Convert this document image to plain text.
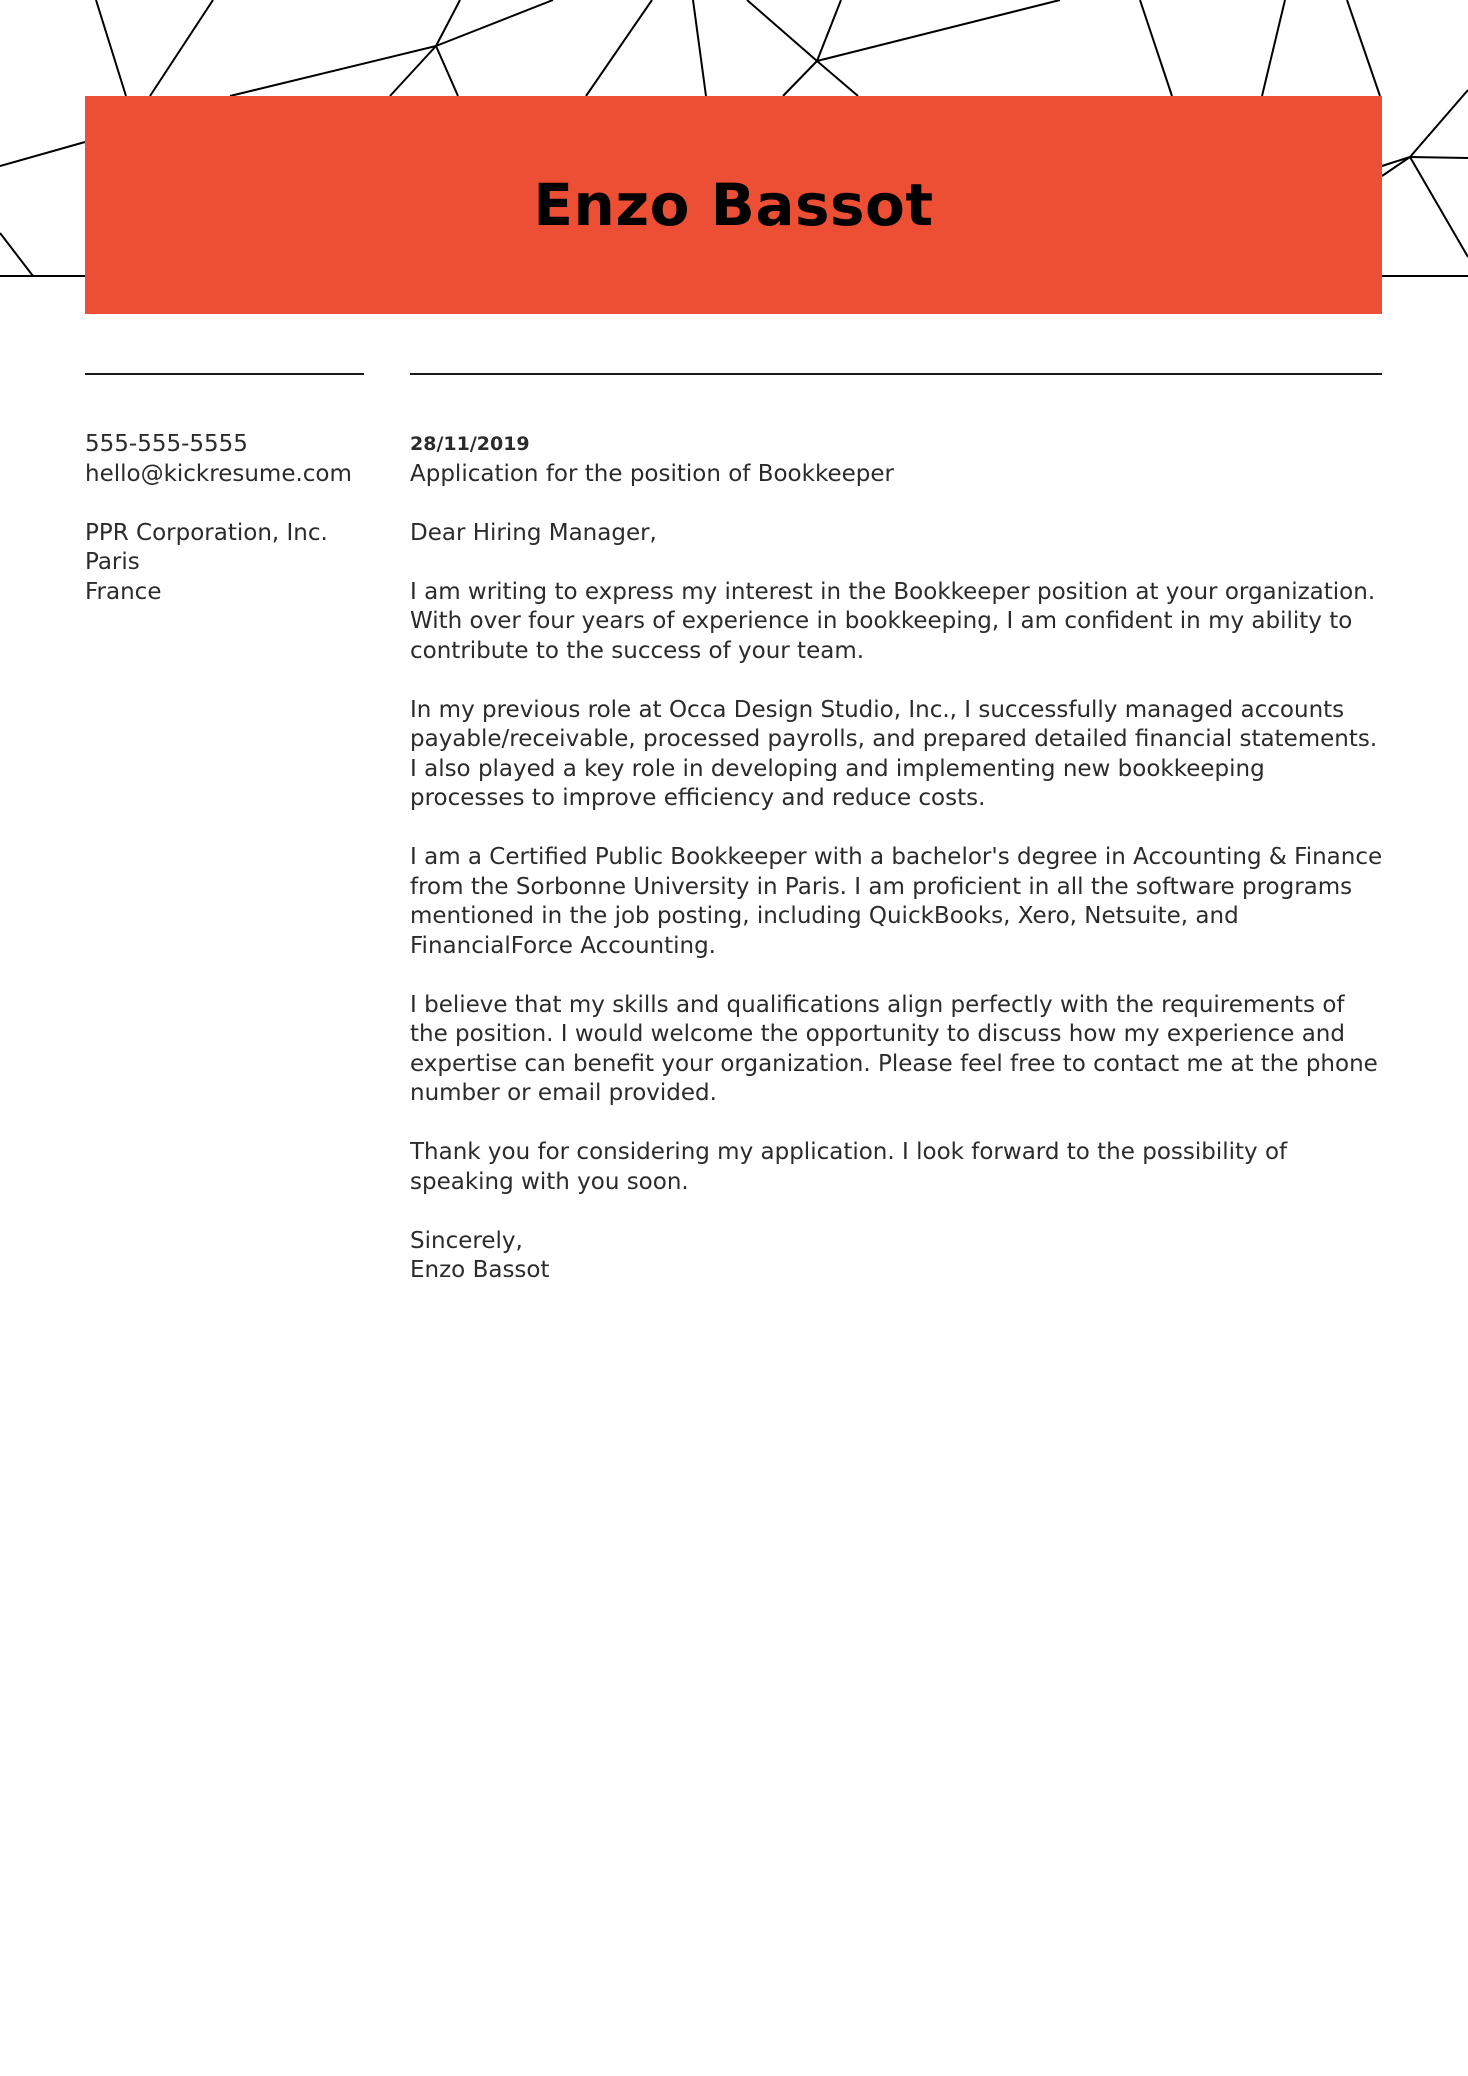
Enzo Bassot
555-555-5555
hello@kickresume.com
PPR Corporation, Inc.
Paris
France
28/11/2019
Application for the position of Bookkeeper

Dear Hiring Manager,

I am writing to express my interest in the Bookkeeper position at your organization. With over four years of experience in bookkeeping, I am confident in my ability to contribute to the success of your team.

In my previous role at Occa Design Studio, Inc., I successfully managed accounts payable/receivable, processed payrolls, and prepared detailed financial statements. I also played a key role in developing and implementing new bookkeeping processes to improve efficiency and reduce costs.

I am a Certified Public Bookkeeper with a bachelor's degree in Accounting & Finance from the Sorbonne University in Paris. I am proficient in all the software programs mentioned in the job posting, including QuickBooks, Xero, Netsuite, and FinancialForce Accounting.

I believe that my skills and qualifications align perfectly with the requirements of the position. I would welcome the opportunity to discuss how my experience and expertise can benefit your organization. Please feel free to contact me at the phone number or email provided.

Thank you for considering my application. I look forward to the possibility of speaking with you soon.

Sincerely,
Enzo Bassot
